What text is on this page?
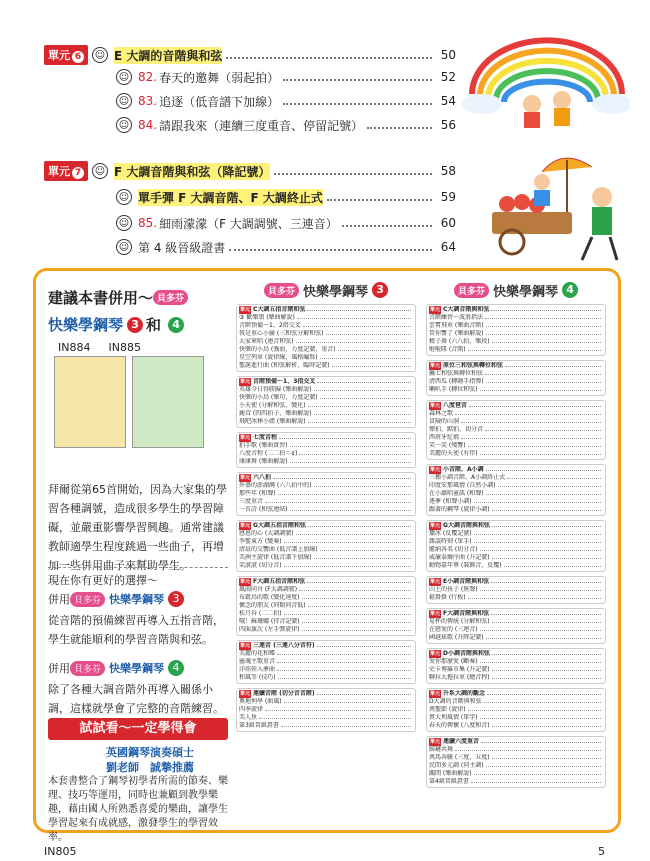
單元 6	☺ E 大調的音階與和弦	50
☺ 82. 春天的邀舞（弱起拍）	52
☺ 83. 追逐（低音譜下加線）	54
☺ 84. 請跟我來（連續三度重音、停留記號）	56
單元 7	☺ F 大調音階與和弦（降記號）	58
☺ 單手彈 F 大調音階、F 大調終止式	59
☺ 85. 細雨濛濛（F 大調調號、三連音）	60
☺ 第 4 級晉級證書	64
建議本書併用～ 貝多芬
快樂學鋼琴 3 和	4
IN884 IN885
拜爾從第65首開始，因為大家集的學習各種調號，造成很多學生的學習障礙，並嚴重影響學習興趣。通常建議教師適學生程度跳過一些曲子，再增加一些併用曲子來幫助學生。
現在你有更好的選擇～
併用 貝多芬 快樂學鋼琴 3
從音階的預備練習再導入五指音階，學生就能順利的學習音階與和弦。
併用 貝多芬 快樂學鋼琴 4
除了各種大調音階外再導入關係小調，這樣就學會了完整的音階練習。
試試看～一定學得會
英國鋼琴演奏碩士
劉老師　誠摯推薦
本套書整合了鋼琴初學者所需的節奏、樂理、技巧等運用，同時也兼顧到教學樂趣，藉由國人所熟悉喜愛的樂曲，讓學生學習起來有成就感，激發學生的學習效率。
貝多芬 快樂學鋼琴 3
單元 C大調五指音階和弦
③ 歡樂頌 (樂曲解說)
音階預備～1、2指交叉
我是重心小偷 (三和弦分解和弦)
大家來唱 (連音和弦)
快樂的小鳥 (強弱、力度記號、重音)
星空列車 (旋律線、風格編寫)
聖誕進行曲 (和弦解析、臨時記號)
單元 音階預備～1、3指交叉
英雄今日得勝歸 (樂曲解說)
快樂的小鳥 (樂句、力度記號)
小天使 (分解和弦、變化)
鹿茸 (四四拍子、樂曲解說)
飛吧冰棒小姐 (樂曲解說)
單元 七度音程
拍手歌 (樂曲實習)
八度音程 (二二拍＝¢)
康康舞 (樂曲解說)
單元 六八拍
外婆的澎湖灣 (六八拍中的)
那些年 (和聲)
三度重音
一首詩 (和弦連結)
單元 G大調五指音階和弦
感恩的心 (大調調號)
李聖東方 (變奏)
清晨的交響曲 (低音譜上加線)
美洲主旋律 (低音譜下加線)
笑滾滾 (切分音)
單元 F大調五指音階和弦
風雨同舟 (F大調調號)
布穀鳥的歌 (變化速度)
懷念的朋友 (同類同音低)
松月谷 (二二拍)
哦！蘇珊娜 (持音記號)
四面旗次 (左手彈旋律)
單元 三連音 (三連八分音符)
美麗的花和蝶
靈魂主歌重音
洋娃娃入夢曲
和風等 (技巧)
單元 連續音階 (切分音音階)
奧地利學 (曲風)
四季旋律
美人魚
第3級晉級證書
貝多芬 快樂學鋼琴 4
單元 C大調音階與和弦
音階練習～波浪指法
雲霄飛車 (樂曲音階)
晉你響了 (樂曲解說)
精子舞 (六八拍、樂段)
啦啦隊 (音階)
單元 原位三和弦與轉位和弦
屬七和弦與轉位和弦
清西瓜 (轉動手指彈)
喇叭手 (轉位和弦)
單元 八度琶音
森林之歌
冒險的山洞
彈拍、踮拍、切分音
西班牙紅娘
笑一笑 (殘響)
美麗的天使 (有伴)
單元 小音階、A小調
三種小調音階、A小調終止式
印度安那風情 (自然小調)
在小鎮唱童謠 (和聲)
逐夢 (和聲小調)
跟著的鋼琴 (旋律小調)
單元 G大調音階與和弦
撒冰 (反覆記號)
雜談時刻 (單手)
艇納各名 (切分音)
威廉泰爾序曲 (升記號)
動物嘉年華 (裝飾音、反覆)
單元 E小調音階與和弦
山上的孩子 (無聲)
鬆掛掛 (行板)
單元 F大調音階與和弦
易杯的傳統 (分解和弦)
在戀愛的 (三連音)
國越搖歌 (升降記號)
單元 D小調音階與和弦
愛你那麼愛 (斷奏)
史卡博羅市集 (升記號)
聊拉大拖拉車 (總音程)
單元 升系大調的觀念
D大調的音階與和弦
萬聖節 (旋律)
貴大利風情 (單字)
春天的傳懷 (八度和音)
單元 連續六度重音
鯨鏈共舞
萬馬奔騰 (三度、五度)
民間多元調 (同主調)
關閉 (樂曲解說)
第4級晉級證書
IN805	5
